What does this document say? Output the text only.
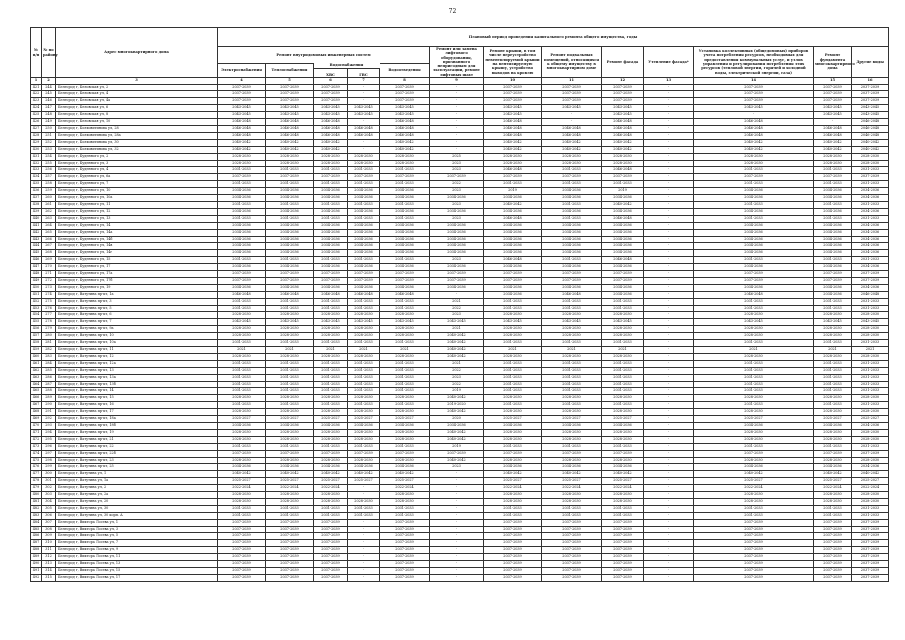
72
№ п/п	№ по району	Адрес многоквартирного дома	Плановый период проведения капитального ремонта общего имущества, годы												
			Ремонт внутридомовых инженерных систем					Ремонт или замена лифтового оборудования, признанного непригодным для эксплуатации, ремонт лифтовых шахт	Ремонт крыши, в том числе переустройство невентилируемой крыши на вентилируемую крышу, устройство выходов на кровлю	Ремонт подвальных помещений, относящихся к общему имуществу в многоквартирном доме	Ремонт фасада	Утепление фасада*	Установка коллективных (общедомовых) приборов учета потребления ресурсов, необходимых для предоставления коммунальных услуг, и узлов управления и регулирования потребления этих ресурсов (тепловой энергии, горячей и холодной воды, электрической энергии, газа)	Ремонт фундамента многоквартирного дома	Другие виды
			Электроснабжения	Теплоснабжения	ХВС	ГВС	Водоотведения								
1	2	3	4	5	6	7	8	9	10	11	12	13	14	15	16
421	244	Белгород г, Беловская ул, 2	2037-2039	2037-2039	2037-2039	-	2037-2039	-	2037-2039	2037-2039	2037-2039	-	2037-2039	2037-2039	2037-2039
422	245	Белгород г, Беловская ул, 4	2037-2039	2037-2039	2037-2039	-	2037-2039	-	2037-2039	2037-2039	2037-2039	-	2037-2039	2037-2039	2037-2039
423	246	Белгород г, Беловская ул, 4а	2037-2039	2037-2039	2037-2039	-	2037-2039	-	2037-2039	2037-2039	2037-2039	-	2037-2039	2037-2039	2037-2039
424	247	Белгород г, Беловская ул, 6	2043-2045	2043-2045	2043-2045	2043-2045	2043-2045	-	2043-2045	2043-2045	2043-2045	-	2043-2045	2043-2045	2043-2045
425	248	Белгород г, Беловская ул, 8	2043-2045	2043-2045	2043-2045	2043-2045	2043-2045	-	2043-2045	-	2043-2045	-	-	2043-2045	2043-2045
426	249	Белгород г, Беловская ул, 10	2046-2048	2046-2048	2046-2048	-	2046-2048	-	2046-2048	-	2046-2048	-	2046-2048	-	2046-2048
427	250	Белгород г, Болховитинова ул, 28	2046-2048	2046-2048	2046-2048	2046-2048	2046-2048	-	2046-2048	2046-2048	2046-2048	-	2046-2048	2046-2048	2046-2048
428	251	Белгород г, Болховитинова ул, 28а	2046-2048	2046-2048	2046-2048	2046-2048	2046-2048	-	2046-2048	2046-2048	2046-2048	-	2046-2048	2046-2048	2046-2048
429	252	Белгород г, Болховитинова ул, 30	2040-2042	2040-2042	2040-2042	-	2040-2042	-	2040-2042	2040-2042	2040-2042	-	2040-2042	2040-2042	2040-2042
430	253	Белгород г, Болховитинова ул, 32	2040-2042	2040-2042	2040-2042	-	2040-2042	-	2040-2042	2040-2042	2040-2042	-	2040-2042	2040-2042	2040-2042
431	254	Белгород г, Буденного ул, 2	2028-2030	2028-2030	2028-2030	2028-2030	2028-2030	2025	2028-2030	2028-2030	2028-2030	-	2028-2030	2028-2030	2028-2030
432	255	Белгород г, Буденного ул, 3	2028-2030	2028-2030	2028-2030	2028-2030	2028-2030	2023	2028-2030	2028-2030	2028-2030	-	2028-2030	2028-2030	2028-2030
433	256	Белгород г, Буденного ул, 4	2031-2033	2031-2033	2031-2033	2031-2033	2031-2033	2023	2046-2048	2031-2033	2046-2048	-	2031-2033	2031-2033	2031-2033
434	257	Белгород г, Буденного ул, 6а	2037-2039	2037-2039	2037-2039	2037-2039	2037-2039	2037-2039	2037-2039	2037-2039	2037-2039	-	2037-2039	2037-2039	2037-2039
435	258	Белгород г, Буденного ул, 7	2031-2033	2031-2033	2031-2033	2031-2033	2031-2033	2022	2031-2033	2031-2033	2031-2033	-	2031-2033	2031-2033	2031-2033
436	259	Белгород г, Буденного ул, 10	2034-2036	2034-2036	2034-2036	2034-2036	2034-2036	2023	2019	2034-2036	2019	-	2034-2036	2034-2036	2034-2036
437	260	Белгород г, Буденного ул, 10а	2034-2036	2034-2036	2034-2036	2034-2036	2034-2036	2034-2036	2034-2036	2034-2036	2034-2036	-	2034-2036	2034-2036	2034-2036
438	261	Белгород г, Буденного ул, 11	2031-2033	2031-2033	2031-2033	2031-2033	2031-2033	2023	2040-2042	2031-2033	2040-2042	-	2031-2033	2031-2033	2031-2033
439	262	Белгород г, Буденного ул, 12	2034-2036	2034-2036	2034-2036	2034-2036	2034-2036	2034-2036	2034-2036	2034-2036	2034-2036	-	2034-2036	2034-2036	2034-2036
440	263	Белгород г, Буденного ул, 13	2031-2033	2031-2033	2031-2033	2031-2033	2031-2033	2023	2046-2048	2031-2033	2046-2048	-	2031-2033	2031-2033	2031-2033
441	264	Белгород г, Буденного ул, 14	2034-2036	2034-2036	2034-2036	2034-2036	2034-2036	2034-2036	2034-2036	2034-2036	2034-2036	-	2034-2036	2034-2036	2034-2036
442	265	Белгород г, Буденного ул, 14а	2034-2036	2034-2036	2034-2036	2034-2036	2034-2036	2034-2036	2034-2036	2034-2036	2034-2036	-	2034-2036	2034-2036	2034-2036
443	266	Белгород г, Буденного ул, 14б	2034-2036	2034-2036	2034-2036	2034-2036	2034-2036	2034-2036	2034-2036	2034-2036	2034-2036	-	2034-2036	2034-2036	2034-2036
444	267	Белгород г, Буденного ул, 14в	2034-2036	2034-2036	2034-2036	2034-2036	2034-2036	2034-2036	2034-2036	2034-2036	2034-2036	-	2034-2036	2034-2036	2034-2036
445	268	Белгород г, Буденного ул, 14г	2034-2036	2034-2036	2034-2036	2034-2036	2034-2036	2034-2036	2034-2036	2034-2036	2034-2036	-	2034-2036	2034-2036	2034-2036
446	269	Белгород г, Буденного ул, 15	2031-2033	2031-2033	2031-2033	2031-2033	2031-2033	2023	2046-2048	2031-2033	2046-2048	-	2031-2033	2031-2033	2031-2033
447	270	Белгород г, Буденного ул, 17	2034-2036	2034-2036	2034-2036	2034-2036	2034-2036	2034-2036	2034-2036	2034-2036	2034-2036	-	2034-2036	2034-2036	2034-2036
448	271	Белгород г, Буденного ул, 17а	2037-2039	2037-2039	2037-2039	2037-2039	2037-2039	2037-2039	2037-2039	2037-2039	2037-2039	-	2037-2039	2037-2039	2037-2039
449	272	Белгород г, Буденного ул, 17б	2037-2039	2037-2039	2037-2039	2037-2039	2037-2039	2037-2039	2037-2039	2037-2039	2037-2039	-	2037-2039	2037-2039	2037-2039
450	273	Белгород г, Буденного ул, 19	2034-2036	2034-2036	2034-2036	2034-2036	2034-2036	2034-2036	2034-2036	2034-2036	2034-2036	-	2034-2036	2034-2036	2034-2036
451	274	Белгород г, Ватутина пр-кт, 1а	2046-2048	2046-2048	2046-2048	2046-2048	2046-2048	-	2034-2036	2046-2048	2034-2036	-	2046-2048	2034-2036	2046-2048
452	275	Белгород г, Ватутина пр-кт, 3	2031-2033	2031-2033	2031-2033	2031-2033	2031-2033	2021	2031-2033	2031-2033	2031-2033	-	2031-2033	2031-2033	2031-2033
453	276	Белгород г, Ватутина пр-кт, 5	2031-2033	2031-2033	2031-2033	2031-2033	2031-2033	2022	2031-2033	2031-2033	2031-2033	-	2031-2033	2031-2033	2031-2033
454	277	Белгород г, Ватутина пр-кт, 6	2028-2030	2028-2030	2028-2030	2028-2030	2028-2030	2023	2028-2030	2028-2030	2028-2030	-	2028-2030	2028-2030	2028-2030
455	278	Белгород г, Ватутина пр-кт, 7	2043-2045	2043-2045	2043-2045	2043-2045	2043-2045	2043-2045	2043-2045	2043-2045	2043-2045	-	2043-2045	2043-2045	2043-2045
456	279	Белгород г, Ватутина пр-кт, 9а	2028-2030	2028-2030	2028-2030	2028-2030	2028-2030	2021	2028-2030	2028-2030	2028-2030	-	2028-2030	2028-2030	2028-2030
457	280	Белгород г, Ватутина пр-кт, 10	2028-2030	2028-2030	2028-2030	2028-2030	2028-2030	2040-2042	2028-2030	2028-2030	2028-2030	-	2028-2030	2028-2030	2028-2030
458	281	Белгород г, Ватутина пр-кт, 10а	2031-2033	2031-2033	2031-2033	2031-2033	2031-2033	2040-2042	2031-2033	2031-2033	2031-2033	-	2031-2033	2031-2033	2031-2033
459	282	Белгород г, Ватутина пр-кт, 11	2021	2021	2021	2021	2021	2040-2042	2021	2021	2021	-	2021	2021	2021
460	283	Белгород г, Ватутина пр-кт, 12	2028-2030	2028-2030	2028-2030	2028-2030	2028-2030	2040-2042	2028-2030	2028-2030	2028-2030	-	2028-2030	2028-2030	2028-2030
461	284	Белгород г, Ватутина пр-кт, 12а	2031-2033	2031-2033	2031-2033	2031-2033	2031-2033	2021	2031-2033	2031-2033	2031-2033	-	2031-2033	2031-2033	2031-2033
462	285	Белгород г, Ватутина пр-кт, 13	2031-2033	2031-2033	2031-2033	2031-2033	2031-2033	2022	2031-2033	2031-2033	2031-2033	-	2031-2033	2031-2033	2031-2033
463	286	Белгород г, Ватутина пр-кт, 13а	2031-2033	2031-2033	2031-2033	2031-2033	2031-2033	2023	2031-2033	2031-2033	2031-2033	-	2031-2033	2031-2033	2031-2033
464	287	Белгород г, Ватутина пр-кт, 13б	2031-2033	2031-2033	2031-2033	2031-2033	2031-2033	2022	2031-2033	2031-2033	2031-2033	-	2031-2033	2031-2033	2031-2033
465	288	Белгород г, Ватутина пр-кт, 14	2031-2033	2031-2033	2031-2033	2031-2033	2031-2033	2019	2031-2033	2031-2033	2031-2033	-	2031-2033	2031-2033	2031-2033
466	289	Белгород г, Ватутина пр-кт, 15	2028-2030	2028-2030	2028-2030	2028-2030	2028-2030	2040-2042	2028-2030	2028-2030	2028-2030	-	2028-2030	2028-2030	2028-2030
467	290	Белгород г, Ватутина пр-кт, 16	2031-2033	2031-2033	2031-2033	2031-2033	2031-2033	2019-2020	2031-2033	2031-2033	2031-2033	-	2031-2033	2031-2033	2031-2033
468	291	Белгород г, Ватутина пр-кт, 17	2028-2030	2028-2030	2028-2030	2028-2030	2028-2030	2040-2042	2028-2030	2028-2030	2028-2030	-	2028-2030	2028-2030	2028-2030
469	292	Белгород г, Ватутина пр-кт, 18а	2025-2027	2025-2027	2025-2027	2025-2027	2025-2027	2020	2025-2027	2025-2027	2025-2027	-	2025-2027	2025-2027	2025-2027
470	293	Белгород г, Ватутина пр-кт, 18б	2034-2036	2034-2036	2034-2036	2034-2036	2034-2036	2034-2036	2034-2036	2034-2036	2034-2036	-	2034-2036	2034-2036	2034-2036
471	294	Белгород г, Ватутина пр-кт, 19	2028-2030	2028-2030	2028-2030	2028-2030	2028-2030	2040-2042	2028-2030	2028-2030	2028-2030	-	2028-2030	2028-2030	2028-2030
472	295	Белгород г, Ватутина пр-кт, 21	2028-2030	2028-2030	2028-2030	2028-2030	2028-2030	2040-2042	2028-2030	2028-2030	2028-2030	-	2028-2030	2028-2030	2028-2030
473	296	Белгород г, Ватутина пр-кт, 22	2031-2033	2031-2033	2031-2033	2031-2033	2031-2033	2019	2031-2033	2031-2033	2031-2033	-	2031-2033	2031-2033	2031-2033
474	297	Белгород г, Ватутина пр-кт, 22б	2037-2039	2037-2039	2037-2039	2037-2039	2037-2039	2037-2039	2037-2039	2037-2039	2037-2039	-	2037-2039	2037-2039	2037-2039
475	298	Белгород г, Ватутина пр-кт, 23	2028-2030	2028-2030	2028-2030	2028-2030	2028-2030	2040-2042	2028-2030	2028-2030	2028-2030	-	2028-2030	2028-2030	2028-2030
476	299	Белгород г, Ватутина пр-кт, 25	2034-2036	2034-2036	2034-2036	2034-2036	2034-2036	2023	2034-2036	2034-2036	2034-2036	-	2034-2036	2034-2036	2034-2036
477	300	Белгород г, Ватутина ул, 1	2040-2042	2040-2042	2040-2042	2040-2042	2040-2042	-	2040-2042	2040-2042	2040-2042	-	2040-2042	2040-2042	2040-2042
478	301	Белгород г, Ватутина ул, 1а	2025-2027	2025-2027	2025-2027	2025-2027	2025-2027	-	2025-2027	2025-2027	2025-2027	-	2025-2027	2025-2027	2025-2027
479	302	Белгород г, Ватутина ул, 2	2022-2024	2022-2024	2022-2024	-	2022-2024	-	2022-2024	2022-2024	2022-2024	-	2022-2024	2022-2024	2022-2024
480	303	Белгород г, Ватутина ул, 2а	2028-2030	2028-2030	2028-2030	-	2028-2030	-	2028-2030	2028-2030	2028-2030	-	2028-2030	2028-2030	2028-2030
481	304	Белгород г, Ватутина ул, 20	2028-2030	2028-2030	2028-2030	2028-2030	2028-2030	-	2028-2030	2028-2030	2028-2030	-	2028-2030	2028-2030	2028-2030
482	305	Белгород г, Ватутина ул, 30	2031-2033	2031-2033	2031-2033	2031-2033	2031-2033	-	2031-2033	2031-2033	2031-2033	-	2031-2033	2031-2033	2031-2033
483	306	Белгород г, Ватутина ул, 30 корп. А	2031-2033	2031-2033	2031-2033	2031-2033	2031-2033	-	2031-2033	2031-2033	2031-2033	-	2031-2033	2031-2033	2031-2033
484	307	Белгород г, Виктора Лосева ул, 1	2037-2039	2037-2039	2037-2039	-	2037-2039	-	2037-2039	2037-2039	2037-2039	-	2037-2039	2037-2039	2037-2039
485	308	Белгород г, Виктора Лосева ул, 3	2037-2039	2037-2039	2037-2039	-	2037-2039	-	2037-2039	2037-2039	2037-2039	-	2037-2039	2037-2039	2037-2039
486	309	Белгород г, Виктора Лосева ул, 5	2037-2039	2037-2039	2037-2039	-	2037-2039	-	2037-2039	2037-2039	2037-2039	-	2037-2039	2037-2039	2037-2039
487	310	Белгород г, Виктора Лосева ул, 7	2037-2039	2037-2039	2037-2039	-	2037-2039	-	2037-2039	2037-2039	2037-2039	-	2037-2039	2037-2039	2037-2039
488	311	Белгород г, Виктора Лосева ул, 9	2037-2039	2037-2039	2037-2039	-	2037-2039	-	2037-2039	2037-2039	2037-2039	-	2037-2039	2037-2039	2037-2039
489	312	Белгород г, Виктора Лосева ул, 11	2037-2039	2037-2039	2037-2039	-	2037-2039	-	2037-2039	2037-2039	2037-2039	-	2037-2039	2037-2039	2037-2039
490	313	Белгород г, Виктора Лосева ул, 13	2037-2039	2037-2039	2037-2039	-	2037-2039	-	2037-2039	2037-2039	2037-2039	-	2037-2039	2037-2039	2037-2039
491	314	Белгород г, Виктора Лосева ул, 15	2037-2039	2037-2039	2037-2039	-	2037-2039	-	2037-2039	2037-2039	2037-2039	-	2037-2039	2037-2039	2037-2039
492	315	Белгород г, Виктора Лосева ул, 17	2037-2039	2037-2039	2037-2039	-	2037-2039	-	2037-2039	2037-2039	2037-2039	-	2037-2039	2037-2039	2037-2039
Водоснабжения
